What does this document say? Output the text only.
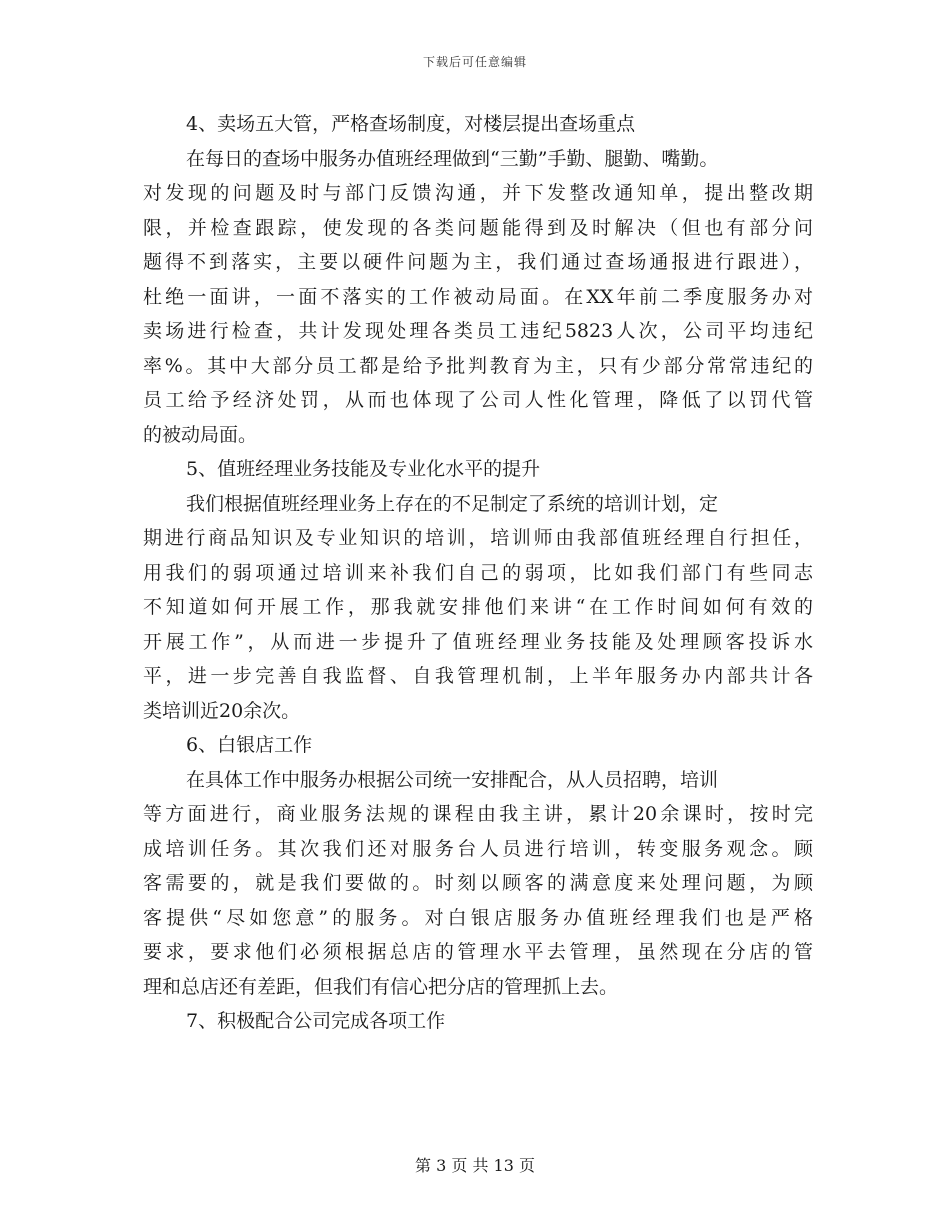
下载后可任意编辑
4、卖场五大管，严格查场制度，对楼层提出查场重点
在每日的查场中服务办值班经理做到“三勤”手勤、腿勤、嘴勤。
对发现的问题及时与部门反馈沟通，并下发整改通知单，提出整改期
限，并检查跟踪，使发现的各类问题能得到及时解决（但也有部分问
题得不到落实，主要以硬件问题为主，我们通过查场通报进行跟进），
杜绝一面讲，一面不落实的工作被动局面。在XX年前二季度服务办对
卖场进行检查，共计发现处理各类员工违纪5823人次，公司平均违纪
率%。其中大部分员工都是给予批判教育为主，只有少部分常常违纪的
员工给予经济处罚，从而也体现了公司人性化管理，降低了以罚代管
的被动局面。
5、值班经理业务技能及专业化水平的提升
我们根据值班经理业务上存在的不足制定了系统的培训计划，定
期进行商品知识及专业知识的培训，培训师由我部值班经理自行担任，
用我们的弱项通过培训来补我们自己的弱项，比如我们部门有些同志
不知道如何开展工作，那我就安排他们来讲“在工作时间如何有效的
开展工作”，从而进一步提升了值班经理业务技能及处理顾客投诉水
平，进一步完善自我监督、自我管理机制，上半年服务办内部共计各
类培训近20余次。
6、白银店工作
在具体工作中服务办根据公司统一安排配合，从人员招聘，培训
等方面进行，商业服务法规的课程由我主讲，累计20余课时，按时完
成培训任务。其次我们还对服务台人员进行培训，转变服务观念。顾
客需要的，就是我们要做的。时刻以顾客的满意度来处理问题，为顾
客提供“尽如您意”的服务。对白银店服务办值班经理我们也是严格
要求，要求他们必须根据总店的管理水平去管理，虽然现在分店的管
理和总店还有差距，但我们有信心把分店的管理抓上去。
7、积极配合公司完成各项工作
第 3 页 共 13 页
